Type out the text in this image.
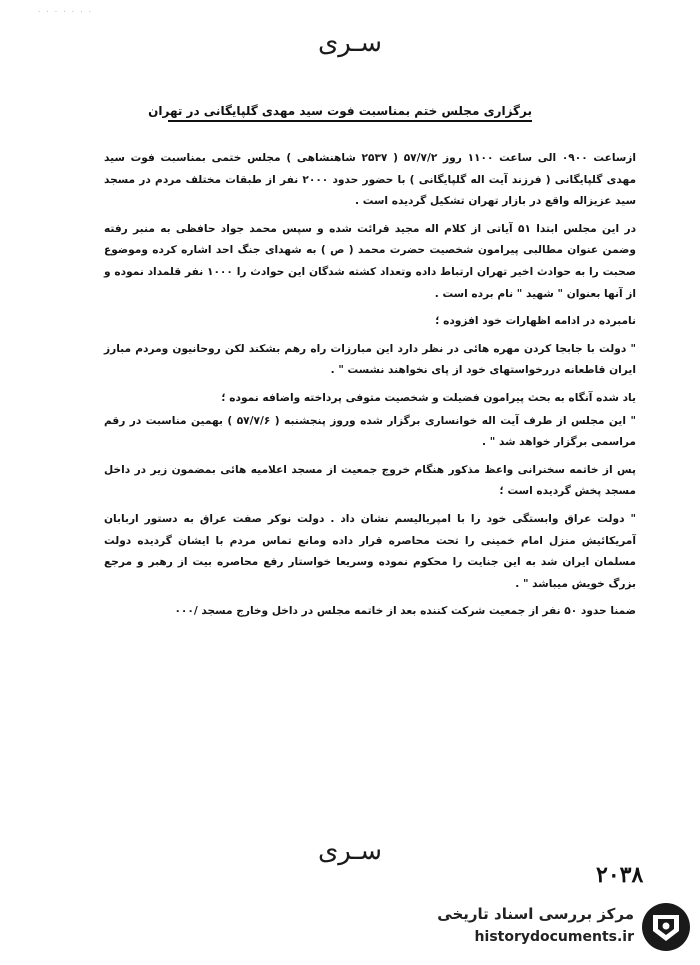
· · · · · · ·
سـری
برگزاری مجلس ختم بمناسبت فوت سید مهدی گلپایگانی در تهران

ازساعت ۰۹۰۰ الی ساعت ۱۱۰۰ روز ۵۷/۷/۲ ( ۲۵۳۷ شاهنشاهی ) مجلس ختمی بمناسبت فوت سید مهدی گلپایگانی ( فرزند آیت اله گلپایگانی ) با حضور حدود ۲۰۰۰ نفر از طبقات مختلف مردم در مسجد سید عزیزاله واقع در بازار تهران تشکیل گردیده است .

در این مجلس ابتدا ۵۱ آیاتی از کلام اله مجید قرائت شده و سپس محمد جواد حافظی به منبر رفته وضمن عنوان مطالبی پیرامون شخصیت حضرت محمد ( ص ) به شهدای جنگ احد اشاره کرده وموضوع صحبت را به حوادث اخیر تهران ارتباط داده وتعداد کشته شدگان این حوادث را ۱۰۰۰ نفر قلمداد نموده و از آنها بعنوان " شهید " نام برده است .

نامبرده در ادامه اظهارات خود افزوده ؛

" دولت با جابجا کردن مهره هائی در نظر دارد این مبارزات راه رهم بشکند لکن روحانیون ومردم مبارز ایران قاطعانه دررخواستهای خود از پای نخواهند نشست " .

یاد شده آنگاه به بحث پیرامون فضیلت و شخصیت متوفی پرداخته واضافه نموده ؛

" این مجلس از طرف آیت اله خوانساری برگزار شده وروز پنجشنبه ( ۵۷/۷/۶ ) بهمین مناسبت در رقم مراسمی برگزار خواهد شد " .

پس از خاتمه سخنرانی واعظ مذکور هنگام خروج جمعیت از مسجد اعلامیه هائی بمضمون زیر در داخل مسجد پخش گردیده است ؛

" دولت عراق وابستگی خود را با امپریالیسم نشان داد . دولت نوکر صفت عراق به دستور اربابان آمریکائیش منزل امام خمینی را تحت محاصره قرار داده ومانع تماس مردم با ایشان گردیده دولت مسلمان ایران شد به این جنایت را محکوم نموده وسریعا خواستار رفع محاصره بیت از رهبر و مرجع بزرگ خویش میباشد " .

ضمنا حدود ۵۰ نفر از جمعیت شرکت کننده بعد از خاتمه مجلس در داخل وخارج مسجد /۰۰۰

سـری
۲۰۳۸
مرکز بررسی اسناد تاریخی
historydocuments.ir
